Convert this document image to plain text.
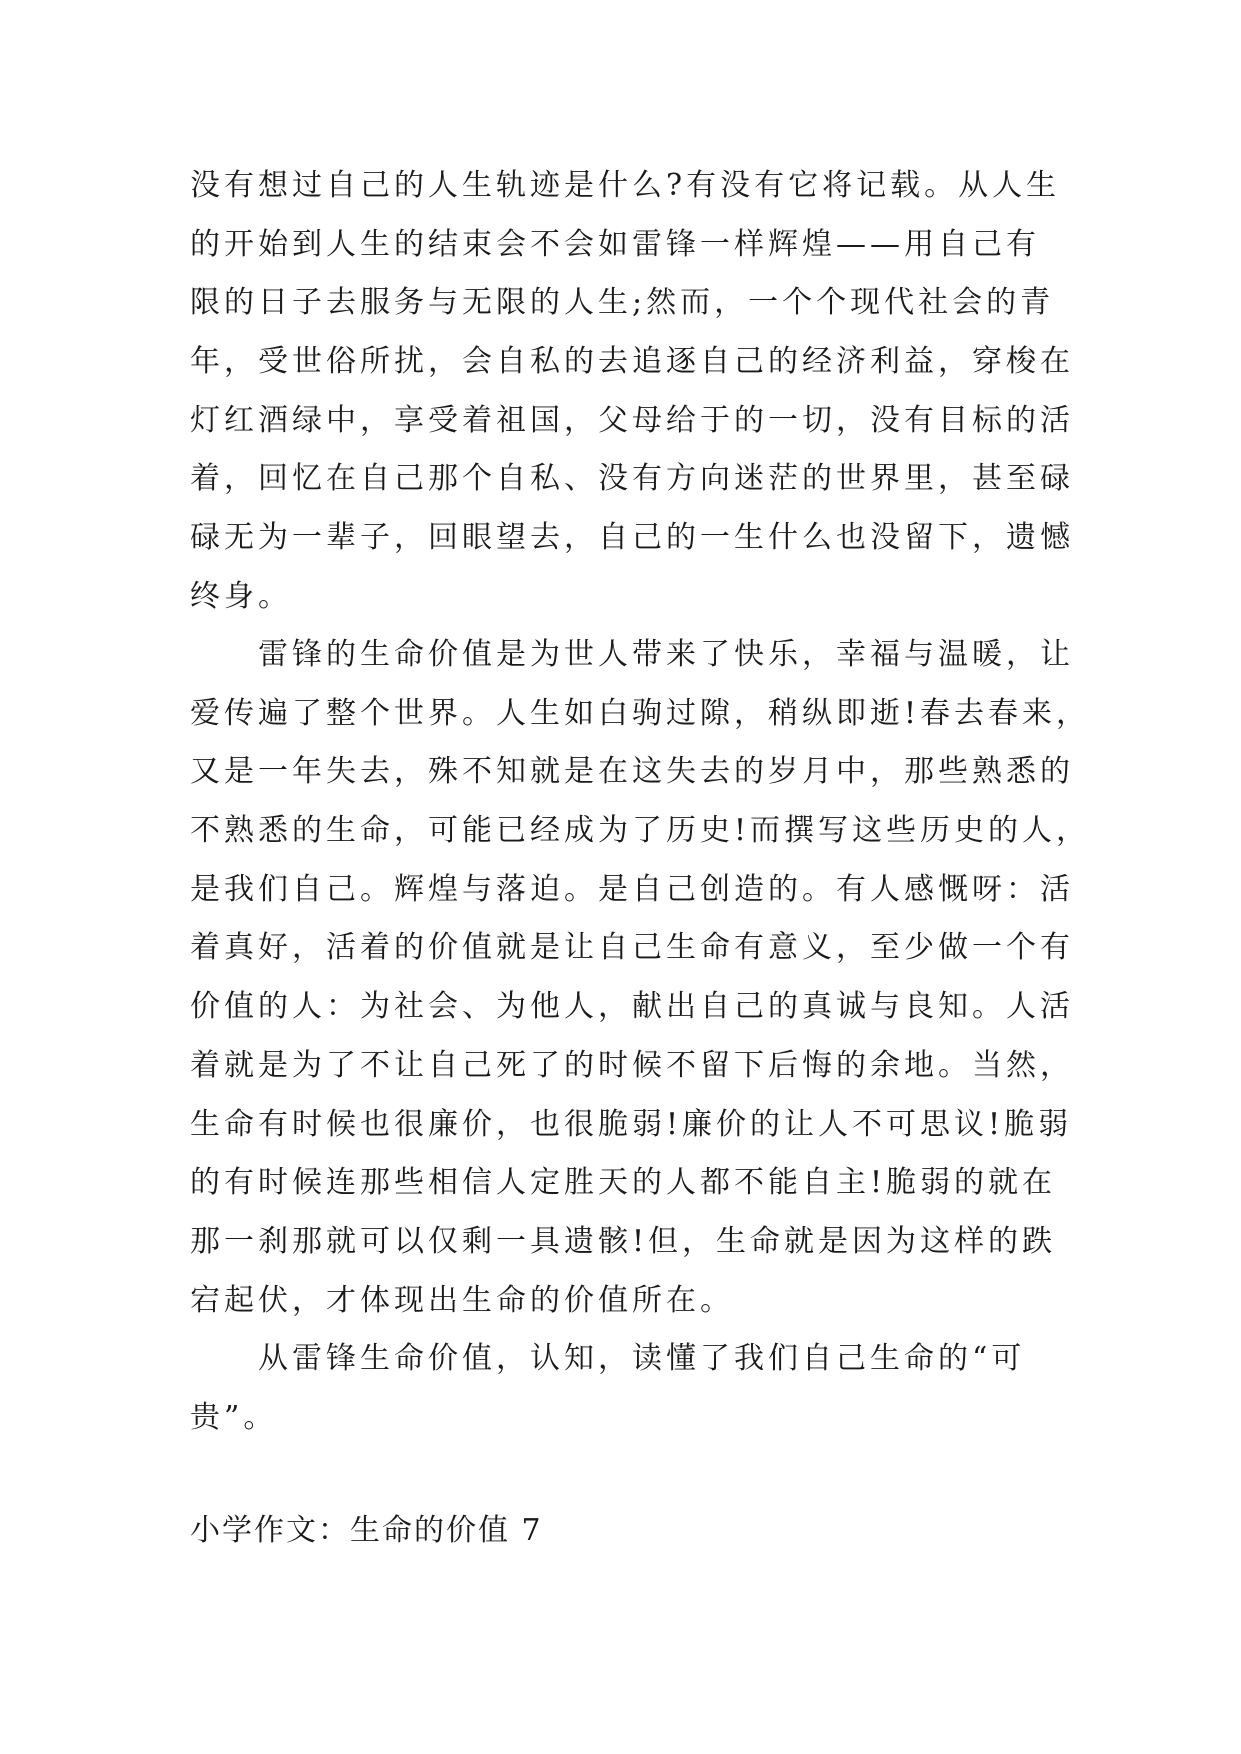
没有想过自己的人生轨迹是什么?有没有它将记载。从人生
的开始到人生的结束会不会如雷锋一样辉煌——用自己有
限的日子去服务与无限的人生;然而，一个个现代社会的青
年，受世俗所扰，会自私的去追逐自己的经济利益，穿梭在
灯红酒绿中，享受着祖国，父母给于的一切，没有目标的活
着，回忆在自己那个自私、没有方向迷茫的世界里，甚至碌
碌无为一辈子，回眼望去，自己的一生什么也没留下，遗憾
终身。
雷锋的生命价值是为世人带来了快乐，幸福与温暖，让
爱传遍了整个世界。人生如白驹过隙，稍纵即逝!春去春来，
又是一年失去，殊不知就是在这失去的岁月中，那些熟悉的
不熟悉的生命，可能已经成为了历史!而撰写这些历史的人，
是我们自己。辉煌与落迫。是自己创造的。有人感慨呀：活
着真好，活着的价值就是让自己生命有意义，至少做一个有
价值的人：为社会、为他人，献出自己的真诚与良知。人活
着就是为了不让自己死了的时候不留下后悔的余地。当然，
生命有时候也很廉价，也很脆弱!廉价的让人不可思议!脆弱
的有时候连那些相信人定胜天的人都不能自主!脆弱的就在
那一刹那就可以仅剩一具遗骸!但，生命就是因为这样的跌
宕起伏，才体现出生命的价值所在。
从雷锋生命价值，认知，读懂了我们自己生命的“可
贵”。
小学作文：生命的价值 7
